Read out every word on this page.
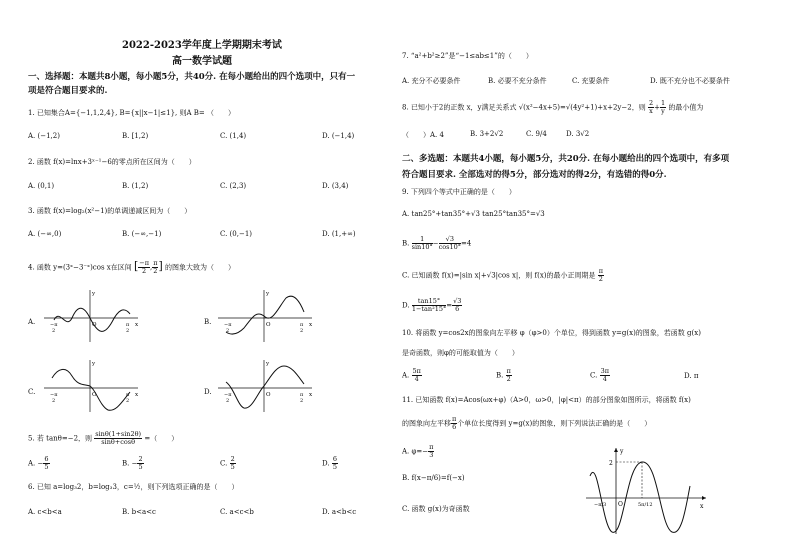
2022-2023学年度上学期期末考试
高一数学试题
一、选择题：本题共8小题，每小题5分，共40分. 在每小题给出的四个选项中，只有一
项是符合题目要求的.
1. 已知集合A={−1,1,2,4}, B={x||x−1|≤1}, 则A B= （　　）
A. (−1,2)	B. [1,2)	C. (1,4)	D. (−1,4)
2. 函数 f(x)=lnx+3ˣ⁻¹−6的零点所在区间为（　　）
A. (0,1)	B. (1,2)	C. (2,3)	D. (3,4)
3. 函数 f(x)=log₂(x²−1)的单调递减区间为（　　）
A. (−∞,0)	B. (−∞,−1)	C. (0,−1)	D. (1,+∞)
4. 函数 y=(3ˣ−3⁻ˣ)cos x在区间 [ $\frac{-\pi}{2}$ , $\frac{\pi}{2}$ ] 的图象大致为（　　）
A.	B.
C.	D.
y
x
O
−π
2
π
2
y
x
O
−π
2
π
2
y
x
O
−π
2
π
2
y
x
O
−π
2
π
2
5. 若 tanθ=−2，则 $\frac{\sin\theta(1+\sin 2\theta)}{\sin\theta+\cos\theta}$ =（　　）
A. − $\frac{6}{5}$	B. − $\frac{2}{5}$	C. $\frac{2}{5}$	D. $\frac{6}{5}$
6. 已知 a=log₃2，b=log₃3，c=½，则下列选项正确的是（　　）
A. c<b<a	B. b<a<c	C. a<c<b	D. a<b<c
7. “a²+b²≥2”是“−1≤ab≤1”的（　　）
A. 充分不必要条件	B. 必要不充分条件	C. 充要条件	D. 既不充分也不必要条件
8. 已知小于2的正数 x，y满足关系式 √(x²−4x+5)=√(4y²+1)+x+2y−2，则 $\frac{2}{x} + \frac{1}{y}$ 的最小值为
（　　）A. 4	B. 3+2√2	C. 9/4	D. 3√2
二、多选题：本题共4小题，每小题5分，共20分. 在每小题给出的四个选项中，有多项
符合题目要求. 全部选对的得5分，部分选对的得2分，有选错的得0分.
9. 下列四个等式中正确的是（　　）
A. tan25°+tan35°+√3 tan25°tan35°=√3
B. $\frac{1}{\sin 10^\circ} - \frac{√3}{\cos 10^\circ} =4$
C. 已知函数 f(x)=|sin x|+√3|cos x|，则 f(x)的最小正周期是 $\frac{\pi}{2}$
D. $\frac{\tan 15^\circ}{\text{1−tan²15°}} = \frac{√3}{6}$
10. 将函数 y=cos2x的图象向左平移 φ（φ>0）个单位，得到函数 y=g(x)的图象，若函数 g(x)
是奇函数，则φ的可能取值为（　　）
A. $\frac{5\pi}{4}$	B. $\frac{\pi}{2}$	C. $\frac{3\pi}{4}$	D. π
11. 已知函数 f(x)=Acos(ωx+φ)（A>0，ω>0，|φ|<π）的部分图象如图所示，将函数 f(x)
的图象向左平移 $\frac{\pi}{6}$ 个单位长度得到 y=g(x)的图象，则下列说法正确的是（　　）
A. $\varphi=- \frac{\pi}{3}$
B. f(x−π/6)=f(−x)
C. 函数 g(x)为奇函数
y
x
2
O
−π/3	5π/12
